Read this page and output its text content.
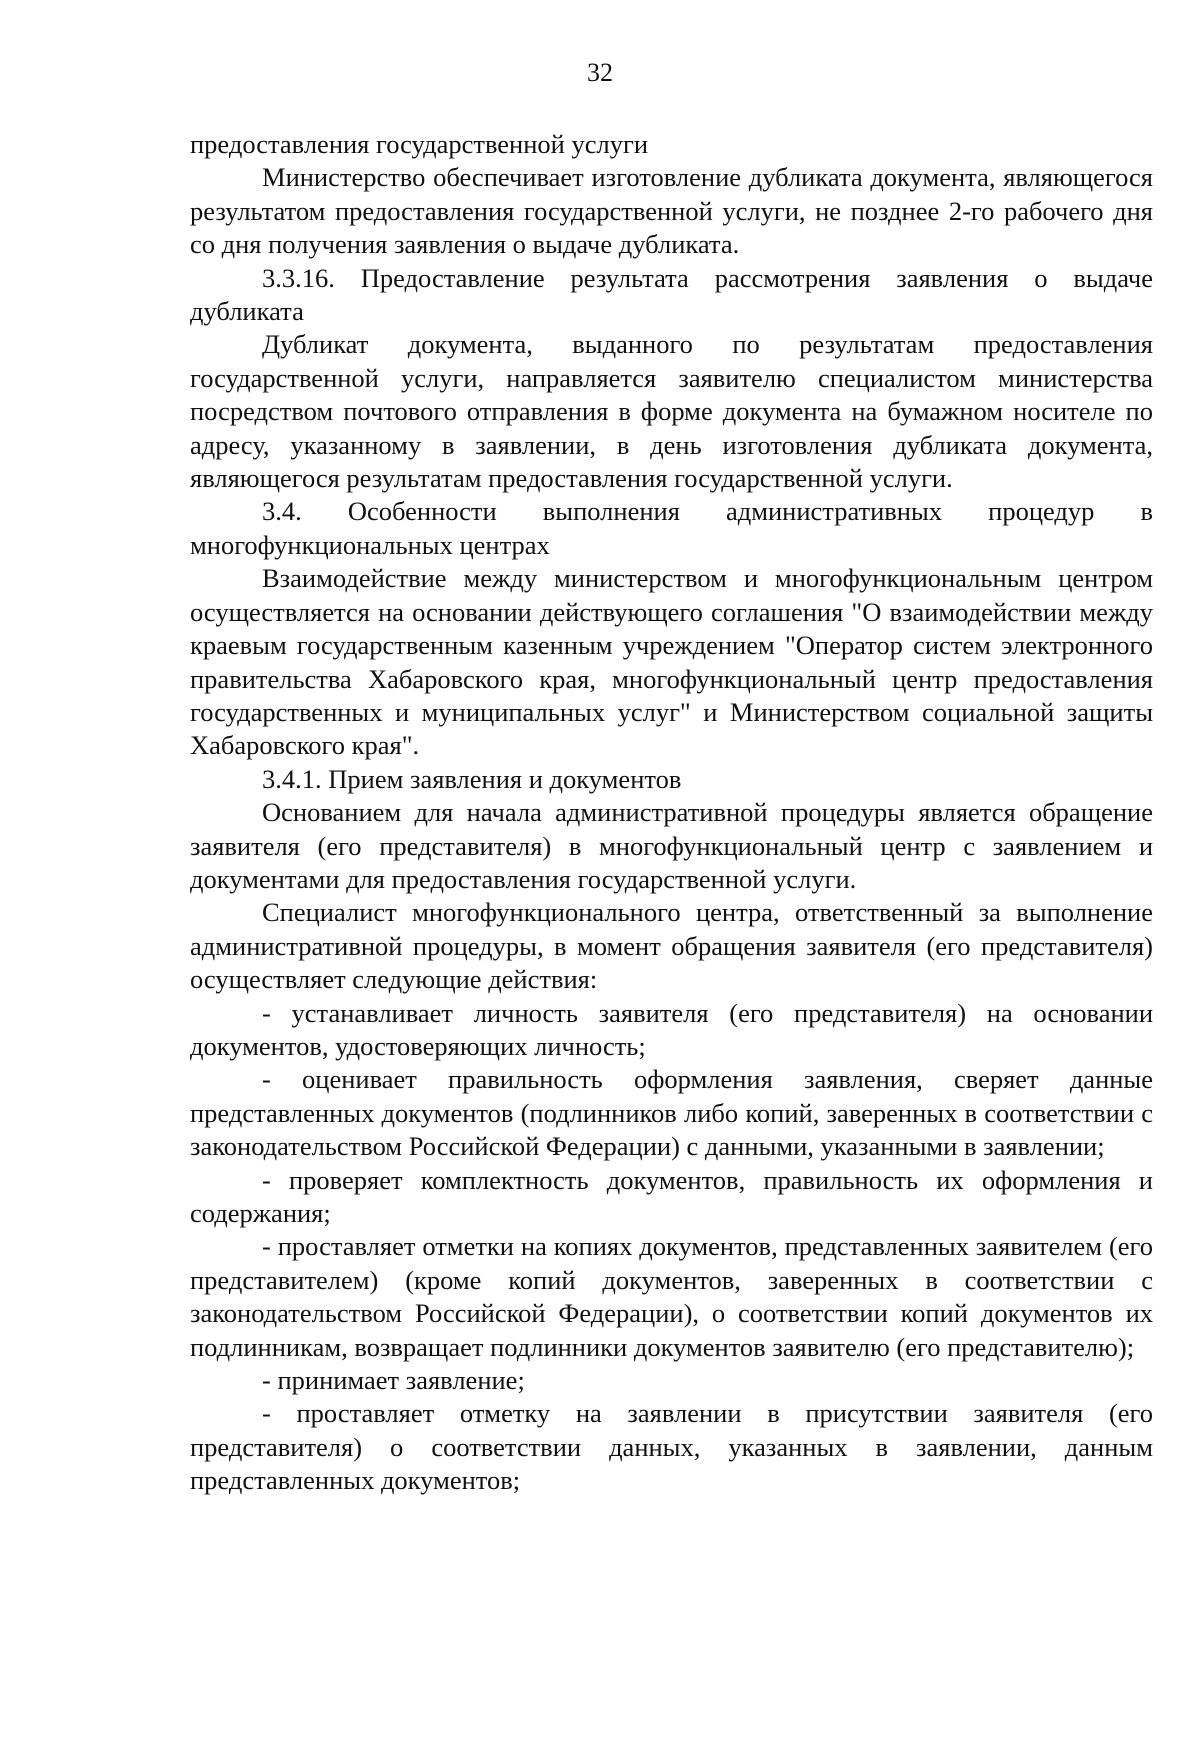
32

предоставления государственной услуги

Министерство обеспечивает изготовление дубликата документа, являющегося результатом предоставления государственной услуги, не позднее 2-го рабочего дня со дня получения заявления о выдаче дубликата.

3.3.16. Предоставление результата рассмотрения заявления о выдаче дубликата

Дубликат документа, выданного по результатам предоставления государственной услуги, направляется заявителю специалистом министерства посредством почтового отправления в форме документа на бумажном носителе по адресу, указанному в заявлении, в день изготовления дубликата документа, являющегося результатам предоставления государственной услуги.

3.4. Особенности выполнения административных процедур в многофункциональных центрах

Взаимодействие между министерством и многофункциональным центром осуществляется на основании действующего соглашения "О взаимодействии между краевым государственным казенным учреждением "Оператор систем электронного правительства Хабаровского края, многофункциональный центр предоставления государственных и муниципальных услуг" и Министерством социальной защиты Хабаровского края".

3.4.1. Прием заявления и документов

Основанием для начала административной процедуры является обращение заявителя (его представителя) в многофункциональный центр с заявлением и документами для предоставления государственной услуги.

Специалист многофункционального центра, ответственный за выполнение административной процедуры, в момент обращения заявителя (его представителя) осуществляет следующие действия:

- устанавливает личность заявителя (его представителя) на основании документов, удостоверяющих личность;

- оценивает правильность оформления заявления, сверяет данные представленных документов (подлинников либо копий, заверенных в соответствии с законодательством Российской Федерации) с данными, указанными в заявлении;

- проверяет комплектность документов, правильность их оформления и содержания;

- проставляет отметки на копиях документов, представленных заявителем (его представителем) (кроме копий документов, заверенных в соответствии с законодательством Российской Федерации), о соответствии копий документов их подлинникам, возвращает подлинники документов заявителю (его представителю);

- принимает заявление;

- проставляет отметку на заявлении в присутствии заявителя (его представителя) о соответствии данных, указанных в заявлении, данным представленных документов;
